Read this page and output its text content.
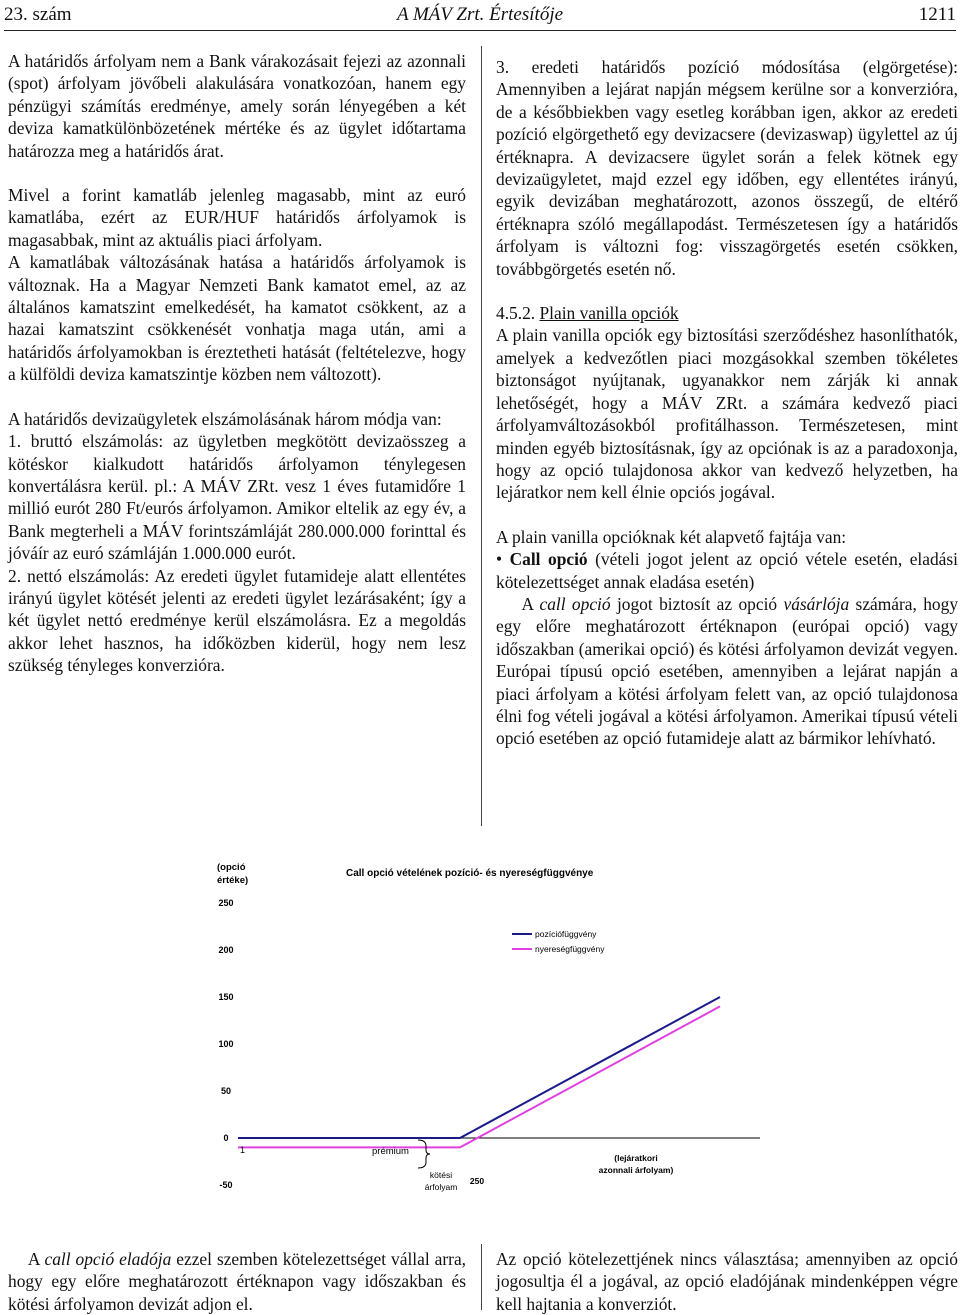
23. szám	A MÁV Zrt. Értesítője	1211

A határidős árfolyam nem a Bank várakozásait fejezi az azonnali (spot) árfolyam jövőbeli alakulására vonatkozóan, hanem egy pénzügyi számítás eredménye, amely során lényegében a két deviza kamatkülönbözetének mértéke és az ügylet időtartama határozza meg a határidős árat.

Mivel a forint kamatláb jelenleg magasabb, mint az euró kamatlába, ezért az EUR/HUF határidős árfolyamok is magasabbak, mint az aktuális piaci árfolyam.

A kamatlábak változásának hatása a határidős árfolyamok is változnak. Ha a Magyar Nemzeti Bank kamatot emel, az az általános kamatszint emelkedését, ha kamatot csökkent, az a hazai kamatszint csökkenését vonhatja maga után, ami a határidős árfolyamokban is éreztetheti hatását (feltételezve, hogy a külföldi deviza kamatszintje közben nem változott).

A határidős devizaügyletek elszámolásának három módja van:

1. bruttó elszámolás: az ügyletben megkötött devizaösszeg a kötéskor kialkudott határidős árfolyamon ténylegesen konvertálásra kerül. pl.: A MÁV ZRt. vesz 1 éves futamidőre 1 millió eurót 280 Ft/eurós árfolyamon. Amikor eltelik az egy év, a Bank megterheli a MÁV forintszámláját 280.000.000 forinttal és jóváír az euró számláján 1.000.000 eurót.

2. nettó elszámolás: Az eredeti ügylet futamideje alatt ellentétes irányú ügylet kötését jelenti az eredeti ügylet lezárásaként; így a két ügylet nettó eredménye kerül elszámolásra. Ez a megoldás akkor lehet hasznos, ha időközben kiderül, hogy nem lesz szükség tényleges konverzióra.

3. eredeti határidős pozíció módosítása (elgörgetése): Amennyiben a lejárat napján mégsem kerülne sor a konverzióra, de a későbbiekben vagy esetleg korábban igen, akkor az eredeti pozíció elgörgethető egy devizacsere (devizaswap) ügylettel az új értéknapra. A devizacsere ügylet során a felek kötnek egy devizaügyletet, majd ezzel egy időben, egy ellentétes irányú, egyik devizában meghatározott, azonos összegű, de eltérő értéknapra szóló megállapodást. Természetesen így a határidős árfolyam is változni fog: visszagörgetés esetén csökken, továbbgörgetés esetén nő.

4.5.2. Plain vanilla opciók

A plain vanilla opciók egy biztosítási szerződéshez hasonlíthatók, amelyek a kedvezőtlen piaci mozgásokkal szemben tökéletes biztonságot nyújtanak, ugyanakkor nem zárják ki annak lehetőségét, hogy a MÁV ZRt. a számára kedvező piaci árfolyamváltozásokból profitálhasson. Természetesen, mint minden egyéb biztosításnak, így az opciónak is az a paradoxonja, hogy az opció tulajdonosa akkor van kedvező helyzetben, ha lejáratkor nem kell élnie opciós jogával.

A plain vanilla opcióknak két alapvető fajtája van:

• Call opció (vételi jogot jelent az opció vétele esetén, eladási kötelezettséget annak eladása esetén)

A call opció jogot biztosít az opció vásárlója számára, hogy egy előre meghatározott értéknapon (európai opció) vagy időszakban (amerikai opció) és kötési árfolyamon devizát vegyen. Európai típusú opció esetében, amennyiben a lejárat napján a piaci árfolyam a kötési árfolyam felett van, az opció tulajdonosa élni fog vételi jogával a kötési árfolyamon. Amerikai típusú vételi opció esetében az opció futamideje alatt az bármikor lehívható.

(opció értéke)
Call opció vételének pozíció- és nyereségfüggvénye
250
200
150
100
50
0
-50
pozíciófüggvény
nyereségfüggvény
1	prémium
kötési
árfolyam
250
(lejáratkori
azonnali árfolyam)
A call opció eladója ezzel szemben kötelezettséget vállal arra, hogy egy előre meghatározott értéknapon vagy időszakban és kötési árfolyamon devizát adjon el.
Az opció kötelezettjének nincs választása; amennyiben az opció jogosultja él a jogával, az opció eladójának mindenképpen végre kell hajtania a konverziót.
